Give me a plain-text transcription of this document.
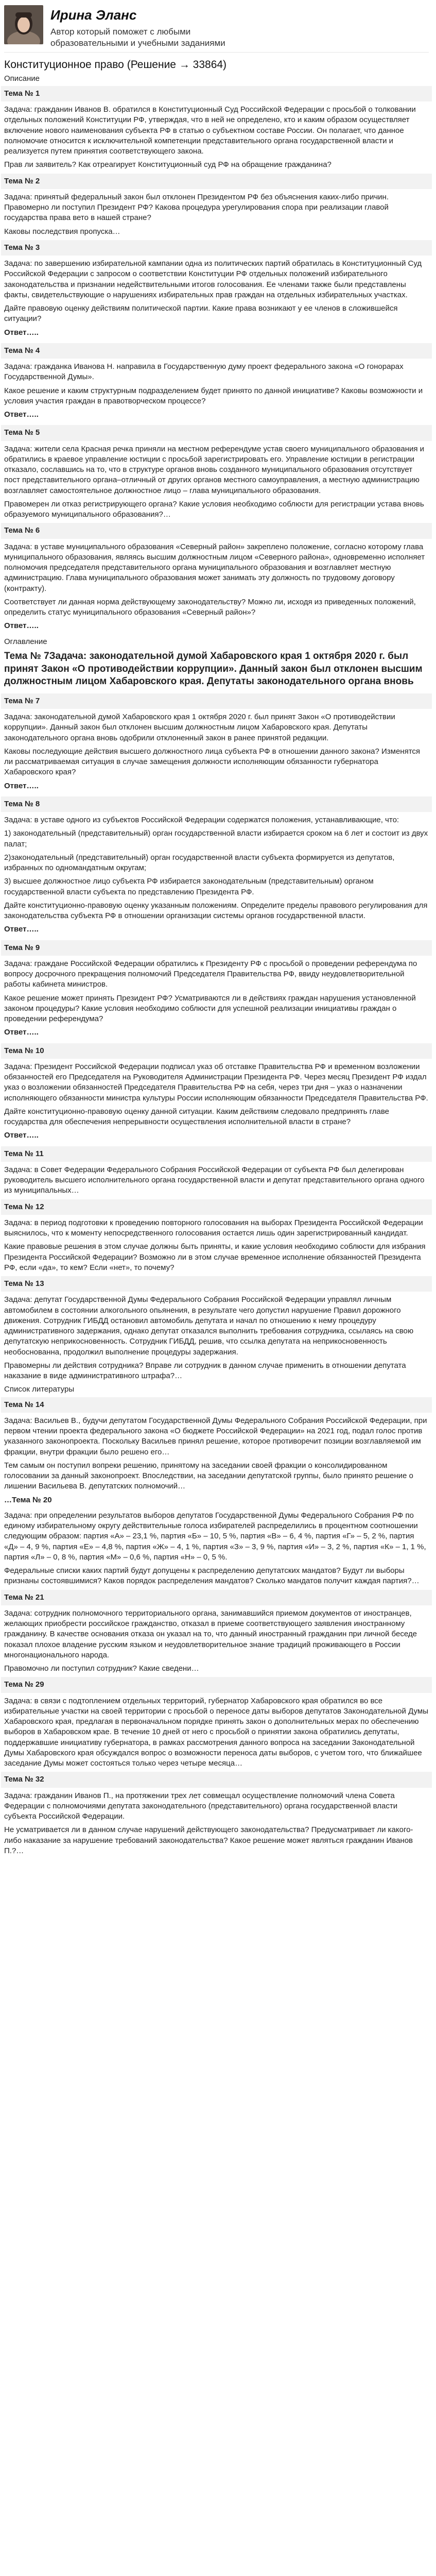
Ирина Эланс
Автор который поможет с любыми образовательными и учебными заданиями
Конституционное право (Решение → 33864)
Описание
Тема № 1
Задача: гражданин Иванов В. обратился в Конституционный Суд Российской Федерации с просьбой о толковании отдельных положений Конституции РФ, утверждая, что в ней не определено, кто и каким образом осуществляет включение нового наименования субъекта РФ в статью о субъектном составе России. Он полагает, что данное полномочие относится к исключительной компетенции представительного органа государственной власти и реализуется путем принятия соответствующего закона.
Прав ли заявитель? Как отреагирует Конституционный суд РФ на обращение гражданина?
Тема № 2
Задача: принятый федеральный закон был отклонен Президентом РФ без объяснения каких-либо причин. Правомерно ли поступил Президент РФ? Какова процедура урегулирования спора при реализации главой государства права вето в нашей стране?
Каковы последствия пропуска…
Тема № 3
Задача: по завершению избирательной кампании одна из политических партий обратилась в Конституционный Суд Российской Федерации с запросом о соответствии Конституции РФ отдельных положений избирательного законодательства и признании недействительными итогов голосования. Ее членами также были представлены факты, свидетельствующие о нарушениях избирательных прав граждан на отдельных избирательных участках.
Дайте правовую оценку действиям политической партии. Какие права возникают у ее членов в сложившейся ситуации?
Ответ…..
Тема № 4
Задача: гражданка Иванова Н. направила в Государственную думу проект федерального закона «О гонорарах Государственной Думы».
Какое решение и каким структурным подразделением будет принято по данной инициативе? Каковы возможности и условия участия граждан в правотворческом процессе?
Ответ…..
Тема № 5
Задача: жители села Красная речка приняли на местном референдуме устав своего муниципального образования и обратились в краевое управление юстиции с просьбой зарегистрировать его. Управление юстиции в регистрации отказало, сославшись на то, что в структуре органов вновь созданного муниципального образования отсутствует пост представительного органа–отличный от других органов местного самоуправления, а местную администрацию возглавляет самостоятельное должностное лицо – глава муниципального образования.
Правомерен ли отказ регистрирующего органа? Какие условия необходимо соблюсти для регистрации устава вновь образуемого муниципального образования?…
Тема № 6
Задача: в уставе муниципального образования «Северный район» закреплено положение, согласно которому глава муниципального образования, являясь высшим должностным лицом «Северного района», одновременно исполняет полномочия председателя представительного органа муниципального образования и возглавляет местную администрацию. Глава муниципального образования может занимать эту должность по трудовому договору (контракту).
Соответствует ли данная норма действующему законодательству? Можно ли, исходя из приведенных положений, определить статус муниципального образования «Северный район»?
Ответ…..
Оглавление
Тема № 7Задача: законодательной думой Хабаровского края 1 октября 2020 г. был принят Закон «О противодействии коррупции». Данный закон был отклонен высшим должностным лицом Хабаровского края. Депутаты законодательного органа вновь
Тема № 7
Задача: законодательной думой Хабаровского края 1 октября 2020 г. был принят Закон «О противодействии коррупции». Данный закон был отклонен высшим должностным лицом Хабаровского края. Депутаты законодательного органа вновь одобрили отклоненный закон в ранее принятой редакции.
Каковы последующие действия высшего должностного лица субъекта РФ в отношении данного закона? Изменятся ли рассматриваемая ситуация в случае замещения должности исполняющим обязанности губернатора Хабаровского края?
Ответ…..
Тема № 8
Задача: в уставе одного из субъектов Российской Федерации содержатся положения, устанавливающие, что:
1) законодательный (представительный) орган государственной власти избирается сроком на 6 лет и состоит из двух палат;
2)законодательный (представительный) орган государственной власти субъекта формируется из депутатов, избранных по одномандатным округам;
3) высшее должностное лицо субъекта РФ избирается законодательным (представительным) органом государственной власти субъекта по представлению Президента РФ.
Дайте конституционно-правовую оценку указанным положениям. Определите пределы правового регулирования для законодательства субъекта РФ в отношении организации системы органов государственной власти.
Ответ…..
Тема № 9
Задача: граждане Российской Федерации обратились к Президенту РФ с просьбой о проведении референдума по вопросу досрочного прекращения полномочий Председателя Правительства РФ, ввиду неудовлетворительной работы кабинета министров.
Какое решение может принять Президент РФ? Усматриваются ли в действиях граждан нарушения установленной законом процедуры? Какие условия необходимо соблюсти для успешной реализации инициативы граждан о проведении референдума?
Ответ…..
Тема № 10
Задача: Президент Российской Федерации подписал указ об отставке Правительства РФ и временном возложении обязанностей его Председателя на Руководителя Администрации Президента РФ. Через месяц Президент РФ издал указ о возложении обязанностей Председателя Правительства РФ на себя, через три дня – указ о назначении исполняющего обязанности министра культуры России исполняющим обязанности Председателя Правительства РФ.
Дайте конституционно-правовую оценку данной ситуации. Каким действиям следовало предпринять главе государства для обеспечения непрерывности осуществления исполнительной власти в стране?
Ответ…..
Тема № 11
Задача: в Совет Федерации Федерального Собрания Российской Федерации от субъекта РФ был делегирован руководитель высшего исполнительного органа государственной власти и депутат представительного органа одного из муниципальных…
Тема № 12
Задача: в период подготовки к проведению повторного голосования на выборах Президента Российской Федерации выяснилось, что к моменту непосредственного голосования остается лишь один зарегистрированный кандидат.
Какие правовые решения в этом случае должны быть приняты, и какие условия необходимо соблюсти для избрания Президента Российской Федерации? Возможно ли в этом случае временное исполнение обязанностей Президента РФ, если «да», то кем? Если «нет», то почему?
Тема № 13
Задача: депутат Государственной Думы Федерального Собрания Российской Федерации управлял личным автомобилем в состоянии алкогольного опьянения, в результате чего допустил нарушение Правил дорожного движения. Сотрудник ГИБДД остановил автомобиль депутата и начал по отношению к нему процедуру административного задержания, однако депутат отказался выполнить требования сотрудника, ссылаясь на свою депутатскую неприкосновенность. Сотрудник ГИБДД, решив, что ссылка депутата на неприкосновенность необоснованна, продолжил выполнение процедуры задержания.
Правомерны ли действия сотрудника? Вправе ли сотрудник в данном случае применить в отношении депутата наказание в виде административного штрафа?…
Список литературы
Тема № 14
Задача: Васильев В., будучи депутатом Государственной Думы Федерального Собрания Российской Федерации, при первом чтении проекта федерального закона «О бюджете Российской Федерации» на 2021 год, подал голос против указанного законопроекта. Поскольку Васильев принял решение, которое противоречит позиции возглавляемой им фракции, внутри фракции было решено его…
Тем самым он поступил вопреки решению, принятому на заседании своей фракции о консолидированном голосовании за данный законопроект. Впоследствии, на заседании депутатской группы, было принято решение о лишении Васильева В. депутатских полномочий…
…Тема № 20
Задача: при определении результатов выборов депутатов Государственной Думы Федерального Собрания РФ по единому избирательному округу действительные голоса избирателей распределились в процентном соотношении следующим образом: партия «А» – 23,1 %, партия «Б» – 10, 5 %, партия «В» – 6, 4 %, партия «Г» – 5, 2 %, партия «Д» – 4, 9 %, партия «Е» – 4,8 %, партия «Ж» – 4, 1 %, партия «З» – 3, 9 %, партия «И» – 3, 2 %, партия «К» – 1, 1 %, партия «Л» – 0, 8 %, партия «М» – 0,6 %, партия «Н» – 0, 5 %.
Федеральные списки каких партий будут допущены к распределению депутатских мандатов? Будут ли выборы признаны состоявшимися? Каков порядок распределения мандатов? Сколько мандатов получит каждая партия?…
Тема № 21
Задача: сотрудник полномочного территориального органа, занимавшийся приемом документов от иностранцев, желающих приобрести российское гражданство, отказал в приеме соответствующего заявления иностранному гражданину. В качестве основания отказа он указал на то, что данный иностранный гражданин при личной беседе показал плохое владение русским языком и неудовлетворительное знание традиций проживающего в России многонационального народа.
Правомочно ли поступил сотрудник? Какие сведени…
Тема № 29
Задача: в связи с подтоплением отдельных территорий, губернатор Хабаровского края обратился во все избирательные участки на своей территории с просьбой о переносе даты выборов депутатов Законодательной Думы Хабаровского края, предлагая в первоначальном порядке принять закон о дополнительных мерах по обеспечению выборов в Хабаровском крае. В течение 10 дней от него с просьбой о принятии закона обратились депутаты, поддержавшие инициативу губернатора, в рамках рассмотрения данного вопроса на заседании Законодательной Думы Хабаровского края обсуждался вопрос о возможности переноса даты выборов, с учетом того, что ближайшее заседание Думы может состояться только через четыре месяца…
Тема № 32
Задача: гражданин Иванов П., на протяжении трех лет совмещал осуществление полномочий члена Совета Федерации с полномочиями депутата законодательного (представительного) органа государственной власти субъекта Российской Федерации.
Не усматривается ли в данном случае нарушений действующего законодательства? Предусматривает ли какого-либо наказание за нарушение требований законодательства? Какое решение может являться гражданин Иванов П.?…
